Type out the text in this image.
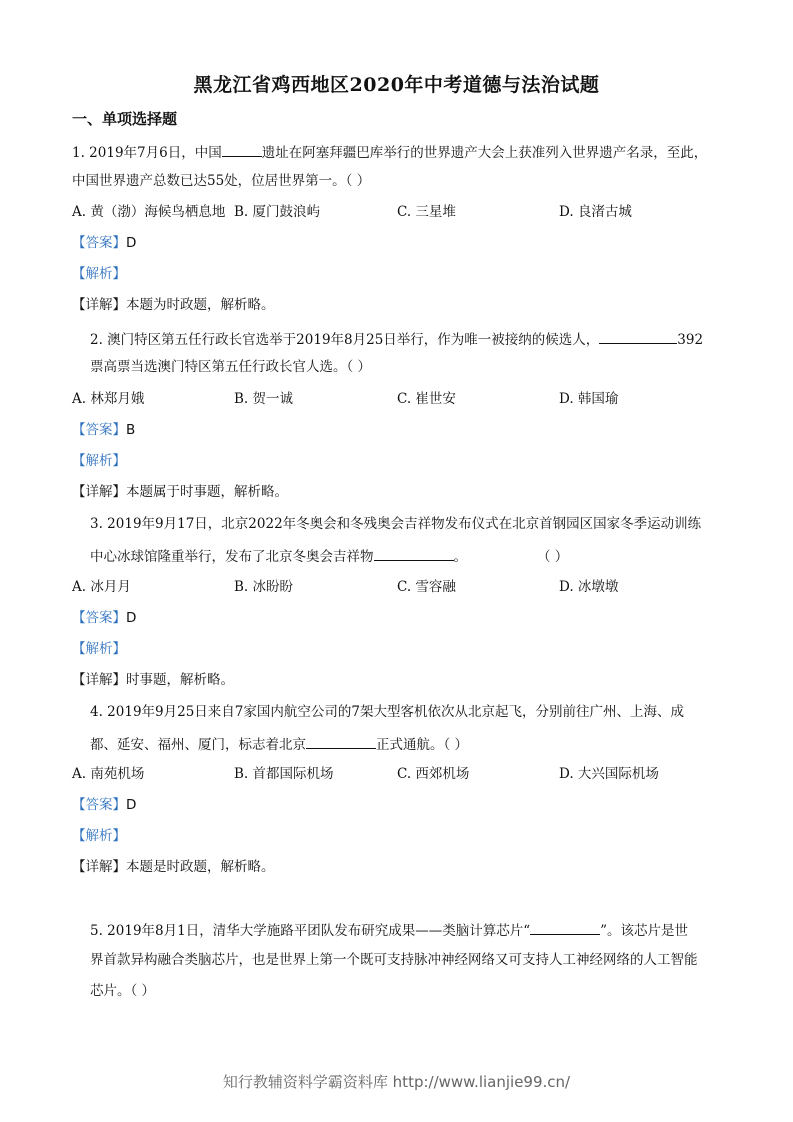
黑龙江省鸡西地区2020年中考道德与法治试题
一、单项选择题
1. 2019年7月6日，中国	遗址在阿塞拜疆巴库举行的世界遗产大会上获准列入世界遗产名录，至此，
中国世界遗产总数已达55处，位居世界第一。（ ）
A. 黄（渤）海候鸟栖息地 B. 厦门鼓浪屿	C. 三星堆	D. 良渚古城
【答案】D
【解析】
【详解】本题为时政题，解析略。
2. 澳门特区第五任行政长官选举于2019年8月25日举行，作为唯一被接纳的候选人，	392
票高票当选澳门特区第五任行政长官人选。（ ）
A. 林郑月娥	B. 贺一诚	C. 崔世安	D. 韩国瑜
【答案】B
【解析】
【详解】本题属于时事题，解析略。
3. 2019年9月17日，北京2022年冬奥会和冬残奥会吉祥物发布仪式在北京首钢园区国家冬季运动训练
中心冰球馆隆重举行，发布了北京冬奥会吉祥物	。	（ ）
A. 冰月月	B. 冰盼盼	C. 雪容融	D. 冰墩墩
【答案】D
【解析】
【详解】时事题，解析略。
4. 2019年9月25日来自7家国内航空公司的7架大型客机依次从北京起飞，分别前往广州、上海、成
都、延安、福州、厦门，标志着北京	正式通航。（ ）
A. 南苑机场	B. 首都国际机场	C. 西郊机场	D. 大兴国际机场
【答案】D
【解析】
【详解】本题是时政题，解析略。
5. 2019年8月1日，清华大学施路平团队发布研究成果——类脑计算芯片“	”。该芯片是世
界首款异构融合类脑芯片，也是世界上第一个既可支持脉冲神经网络又可支持人工神经网络的人工智能
芯片。（ ）
知行教辅资料学霸资料库 http://www.lianjie99.cn/
